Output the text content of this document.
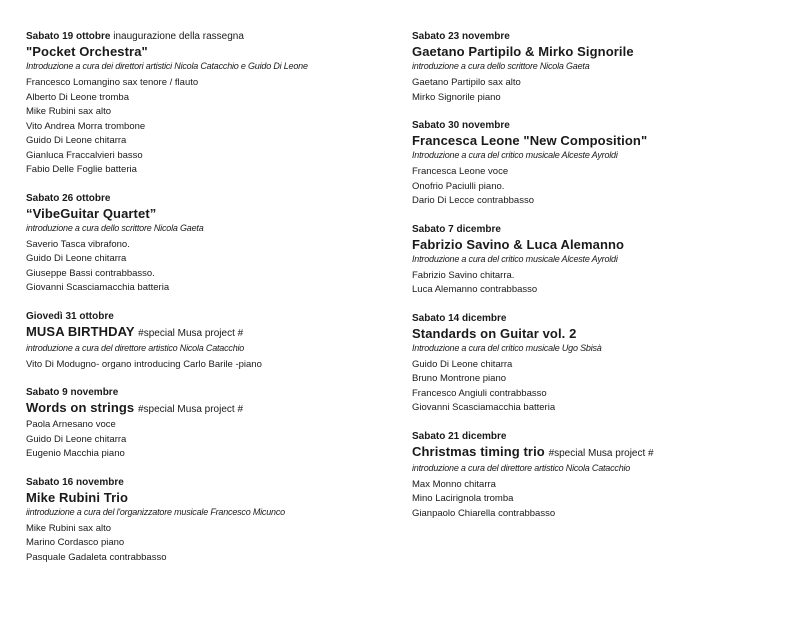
Sabato 19 ottobre inaugurazione della rassegna
"Pocket Orchestra"
Introduzione a cura dei direttori artistici Nicola Catacchio e Guido Di Leone
Francesco Lomangino sax tenore / flauto
Alberto Di Leone tromba
Mike Rubini sax alto
Vito Andrea Morra trombone
Guido Di Leone chitarra
Gianluca Fraccalvieri basso
Fabio Delle Foglie batteria
Sabato 26 ottobre
“VibeGuitar Quartet”
introduzione a cura dello scrittore Nicola Gaeta
Saverio Tasca vibrafono.
Guido Di Leone chitarra
Giuseppe Bassi contrabbasso.
Giovanni Scasciamacchia batteria
Giovedì 31 ottobre
MUSA BIRTHDAY #special Musa project #
introduzione a cura del direttore artistico Nicola Catacchio
Vito Di Modugno- organo introducing Carlo Barile -piano
Sabato 9 novembre
Words on strings #special Musa project #
Paola Arnesano voce
Guido Di Leone chitarra
Eugenio Macchia piano
Sabato 16 novembre
Mike Rubini Trio
iintroduzione a cura del l'organizzatore musicale Francesco Micunco
Mike Rubini sax alto
Marino Cordasco piano
Pasquale Gadaleta contrabbasso
Sabato 23 novembre
Gaetano Partipilo & Mirko Signorile
introduzione a cura dello scrittore Nicola Gaeta
Gaetano Partipilo sax alto
Mirko Signorile piano
Sabato 30 novembre
Francesca Leone "New Composition"
Introduzione a cura del critico musicale Alceste Ayroldi
Francesca Leone voce
Onofrio Paciulli piano.
Dario Di Lecce contrabbasso
Sabato 7 dicembre
Fabrizio Savino & Luca Alemanno
Introduzione a cura del critico musicale Alceste Ayroldi
Fabrizio Savino chitarra.
Luca Alemanno contrabbasso
Sabato 14 dicembre
Standards on Guitar vol. 2
Introduzione a cura del critico musicale Ugo Sbisà
Guido Di Leone chitarra
Bruno Montrone piano
Francesco Angiuli contrabbasso
Giovanni Scasciamacchia batteria
Sabato 21 dicembre
Christmas timing trio #special Musa project #
introduzione a cura del direttore artistico Nicola Catacchio
Max Monno chitarra
Mino Lacirignola tromba
Gianpaolo Chiarella contrabbasso
